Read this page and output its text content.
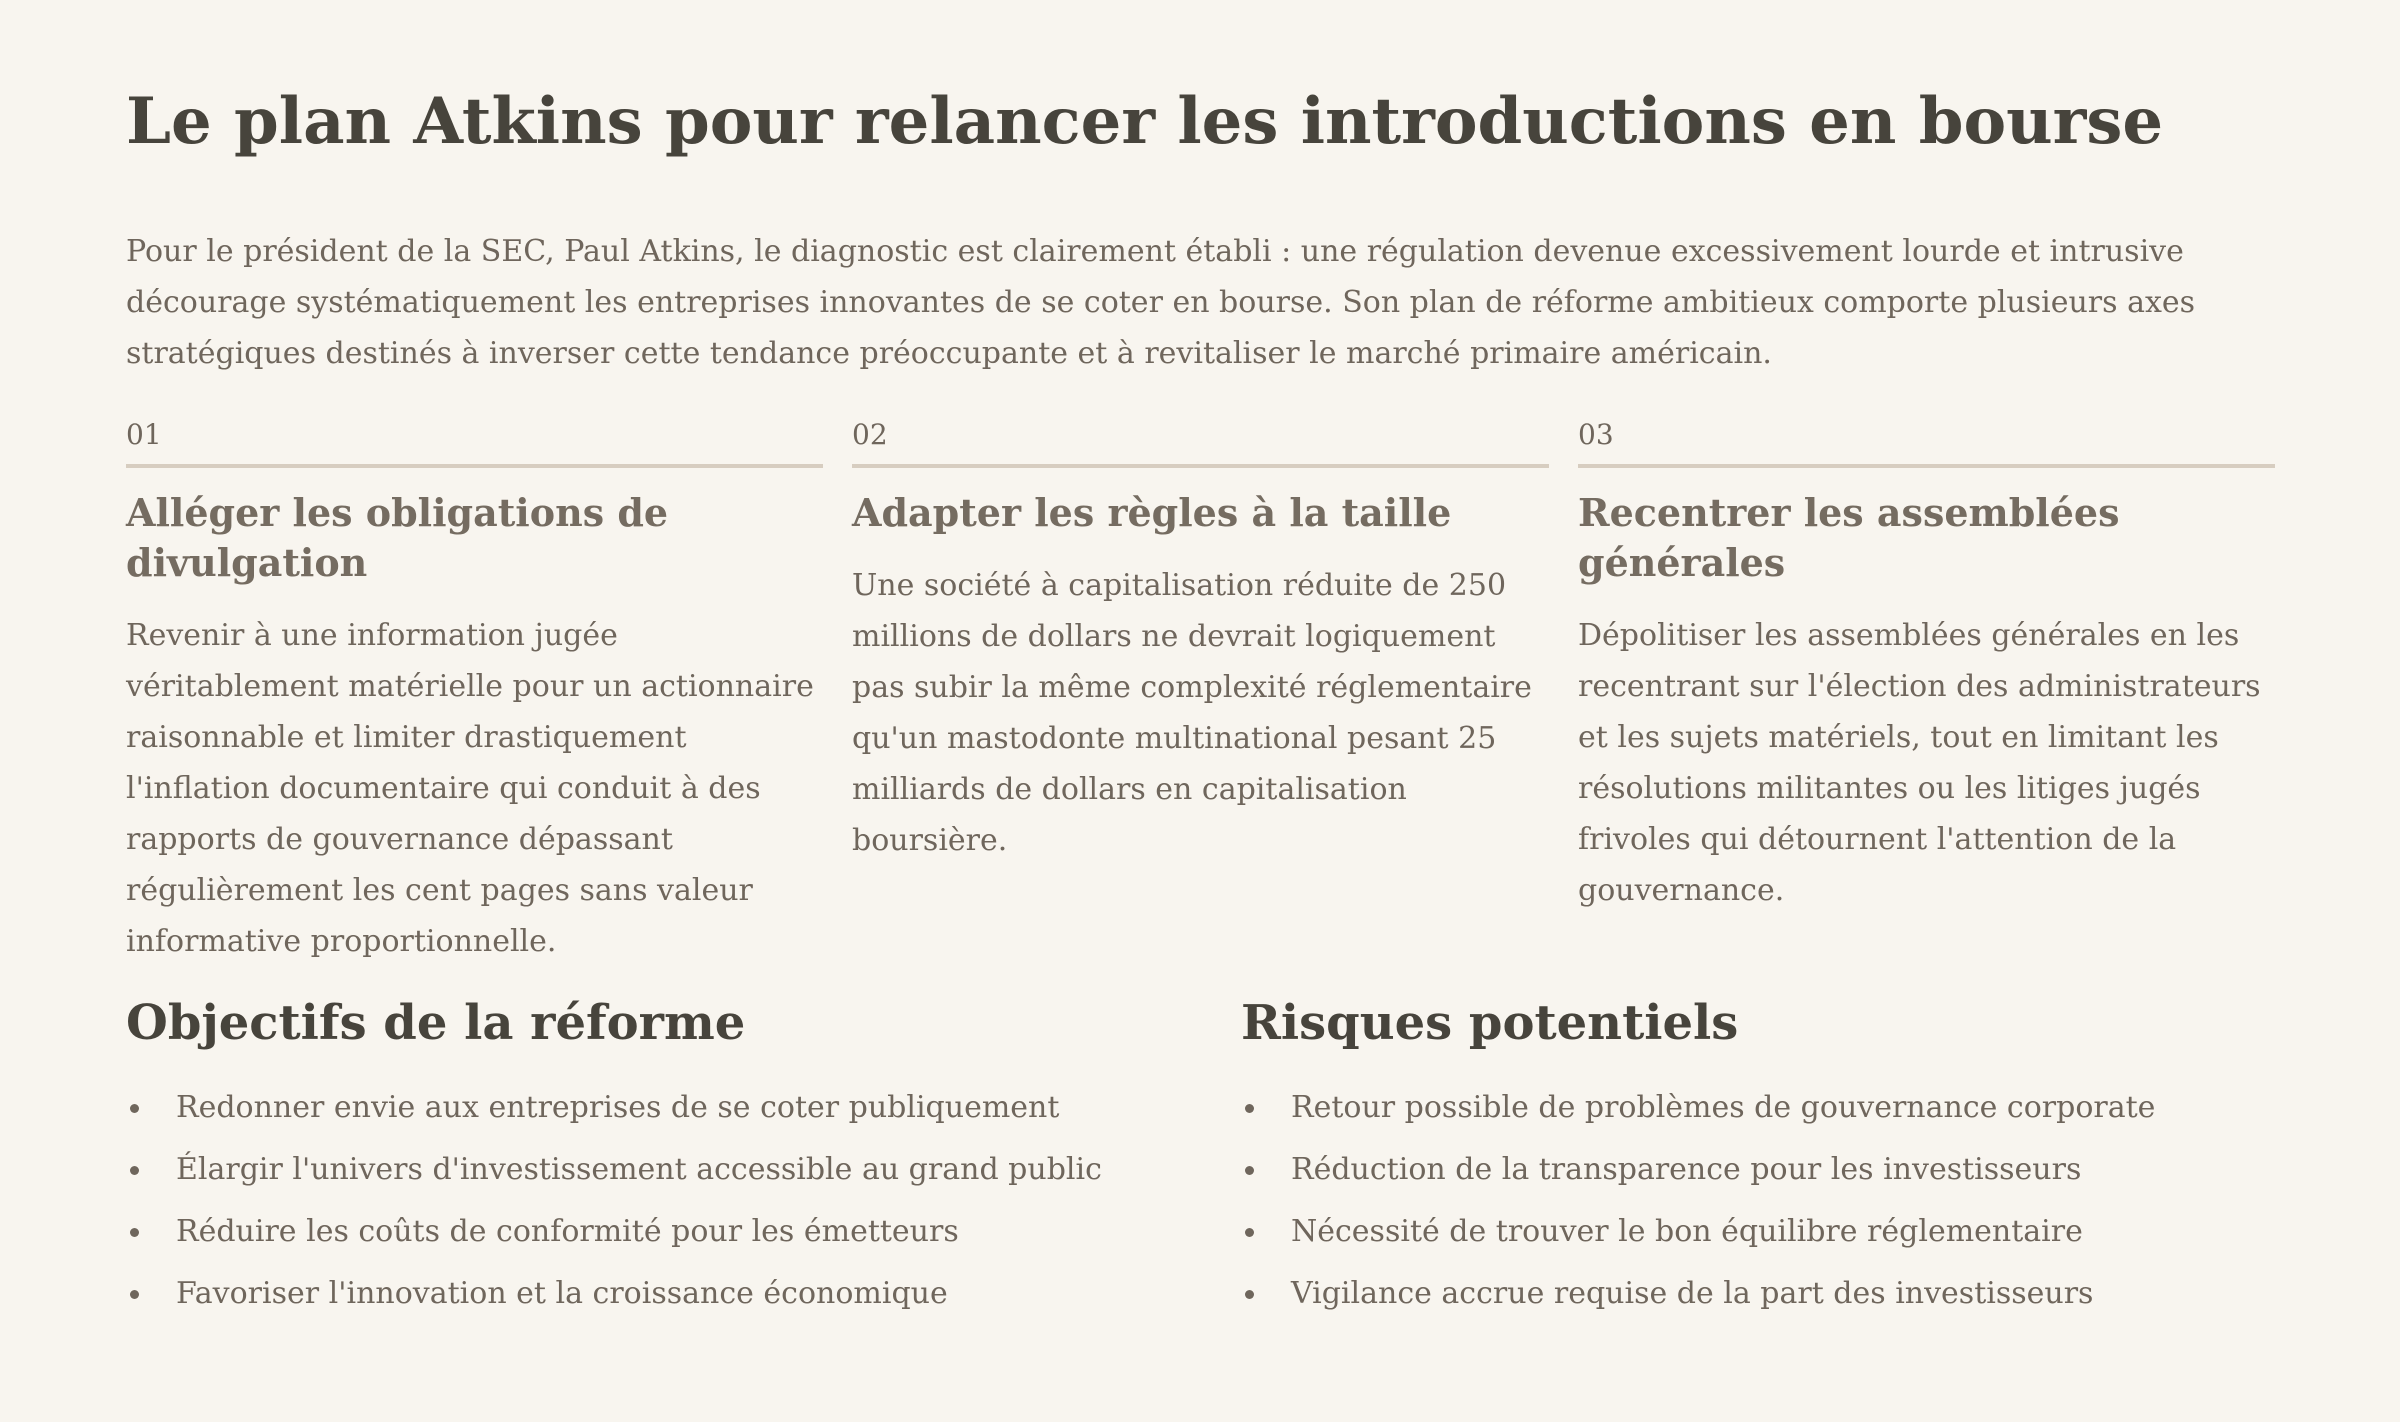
Le plan Atkins pour relancer les introductions en bourse

Pour le président de la SEC, Paul Atkins, le diagnostic est clairement établi : une régulation devenue excessivement lourde et intrusive décourage systématiquement les entreprises innovantes de se coter en bourse. Son plan de réforme ambitieux comporte plusieurs axes stratégiques destinés à inverser cette tendance préoccupante et à revitaliser le marché primaire américain.

01
Alléger les obligations de divulgation

Revenir à une information jugée véritablement matérielle pour un actionnaire raisonnable et limiter drastiquement l'inflation documentaire qui conduit à des rapports de gouvernance dépassant régulièrement les cent pages sans valeur informative proportionnelle.

02
Adapter les règles à la taille

Une société à capitalisation réduite de 250 millions de dollars ne devrait logiquement pas subir la même complexité réglementaire qu'un mastodonte multinational pesant 25 milliards de dollars en capitalisation boursière.

03
Recentrer les assemblées générales

Dépolitiser les assemblées générales en les recentrant sur l'élection des administrateurs et les sujets matériels, tout en limitant les résolutions militantes ou les litiges jugés frivoles qui détournent l'attention de la gouvernance.

Objectifs de la réforme
Redonner envie aux entreprises de se coter publiquement
Élargir l'univers d'investissement accessible au grand public
Réduire les coûts de conformité pour les émetteurs
Favoriser l'innovation et la croissance économique
Risques potentiels
Retour possible de problèmes de gouvernance corporate
Réduction de la transparence pour les investisseurs
Nécessité de trouver le bon équilibre réglementaire
Vigilance accrue requise de la part des investisseurs
